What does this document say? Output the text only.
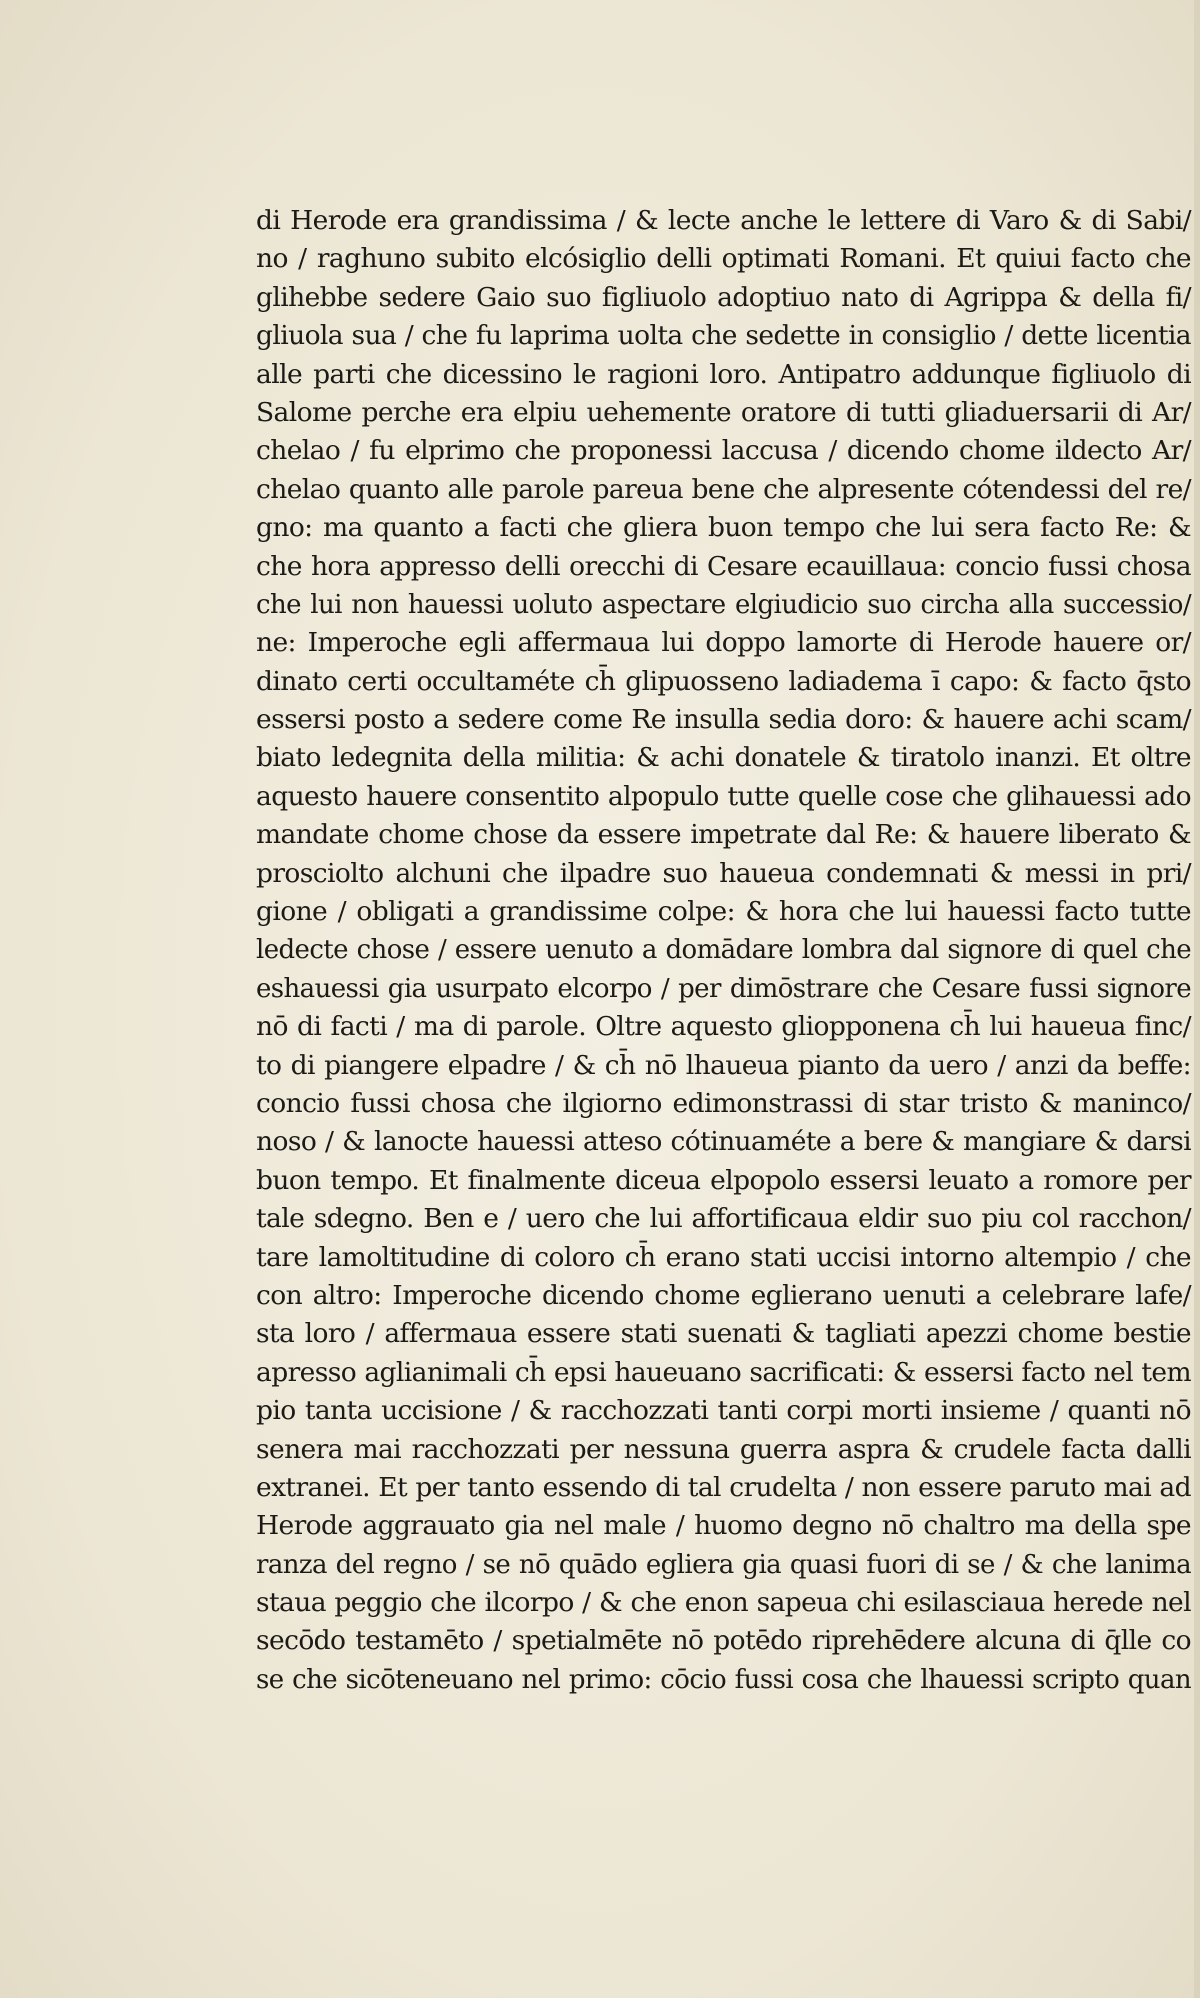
di Herode era grandissima / & lecte anche le lettere di Varo & di Sabi/
no / raghuno subito elcósiglio delli optimati Romani. Et quiui facto che
glihebbe sedere Gaio suo figliuolo adoptiuo nato di Agrippa & della fi/
gliuola sua / che fu laprima uolta che sedette in consiglio / dette licentia
alle parti che dicessino le ragioni loro. Antipatro addunque figliuolo di
Salome perche era elpiu uehemente oratore di tutti gliaduersarii di Ar/
chelao / fu elprimo che proponessi laccusa / dicendo chome ildecto Ar/
chelao quanto alle parole pareua bene che alpresente cótendessi del re/
gno: ma quanto a facti che gliera buon tempo che lui sera facto Re: &
che hora appresso delli orecchi di Cesare ecauillaua: concio fussi chosa
che lui non hauessi uoluto aspectare elgiudicio suo circha alla successio/
ne: Imperoche egli affermaua lui doppo lamorte di Herode hauere or/
dinato certi occultaméte ch̄ glipuosseno ladiadema ī capo: & facto q̄sto
essersi posto a sedere come Re insulla sedia doro: & hauere achi scam/
biato ledegnita della militia: & achi donatele & tiratolo inanzi. Et oltre
aquesto hauere consentito alpopulo tutte quelle cose che glihauessi ado
mandate chome chose da essere impetrate dal Re: & hauere liberato &
prosciolto alchuni che ilpadre suo haueua condemnati & messi in pri/
gione / obligati a grandissime colpe: & hora che lui hauessi facto tutte
ledecte chose / essere uenuto a domādare lombra dal signore di quel che
eshauessi gia usurpato elcorpo / per dimōstrare che Cesare fussi signore
nō di facti / ma di parole. Oltre aquesto gliopponena ch̄ lui haueua finc/
to di piangere elpadre / & ch̄ nō lhaueua pianto da uero / anzi da beffe:
concio fussi chosa che ilgiorno edimonstrassi di star tristo & maninco/
noso / & lanocte hauessi atteso cótinuaméte a bere & mangiare & darsi
buon tempo. Et finalmente diceua elpopolo essersi leuato a romore per
tale sdegno. Ben e / uero che lui affortificaua eldir suo piu col racchon/
tare lamoltitudine di coloro ch̄ erano stati uccisi intorno altempio / che
con altro: Imperoche dicendo chome eglierano uenuti a celebrare lafe/
sta loro / affermaua essere stati suenati & tagliati apezzi chome bestie
apresso aglianimali ch̄ epsi haueuano sacrificati: & essersi facto nel tem
pio tanta uccisione / & racchozzati tanti corpi morti insieme / quanti nō
senera mai racchozzati per nessuna guerra aspra & crudele facta dalli
extranei. Et per tanto essendo di tal crudelta / non essere paruto mai ad
Herode aggrauato gia nel male / huomo degno nō chaltro ma della spe
ranza del regno / se nō quādo egliera gia quasi fuori di se / & che lanima
staua peggio che ilcorpo / & che enon sapeua chi esilasciaua herede nel
secōdo testamēto / spetialmēte nō potēdo riprehēdere alcuna di q̄lle co
se che sicōteneuano nel primo: cōcio fussi cosa che lhauessi scripto quan
